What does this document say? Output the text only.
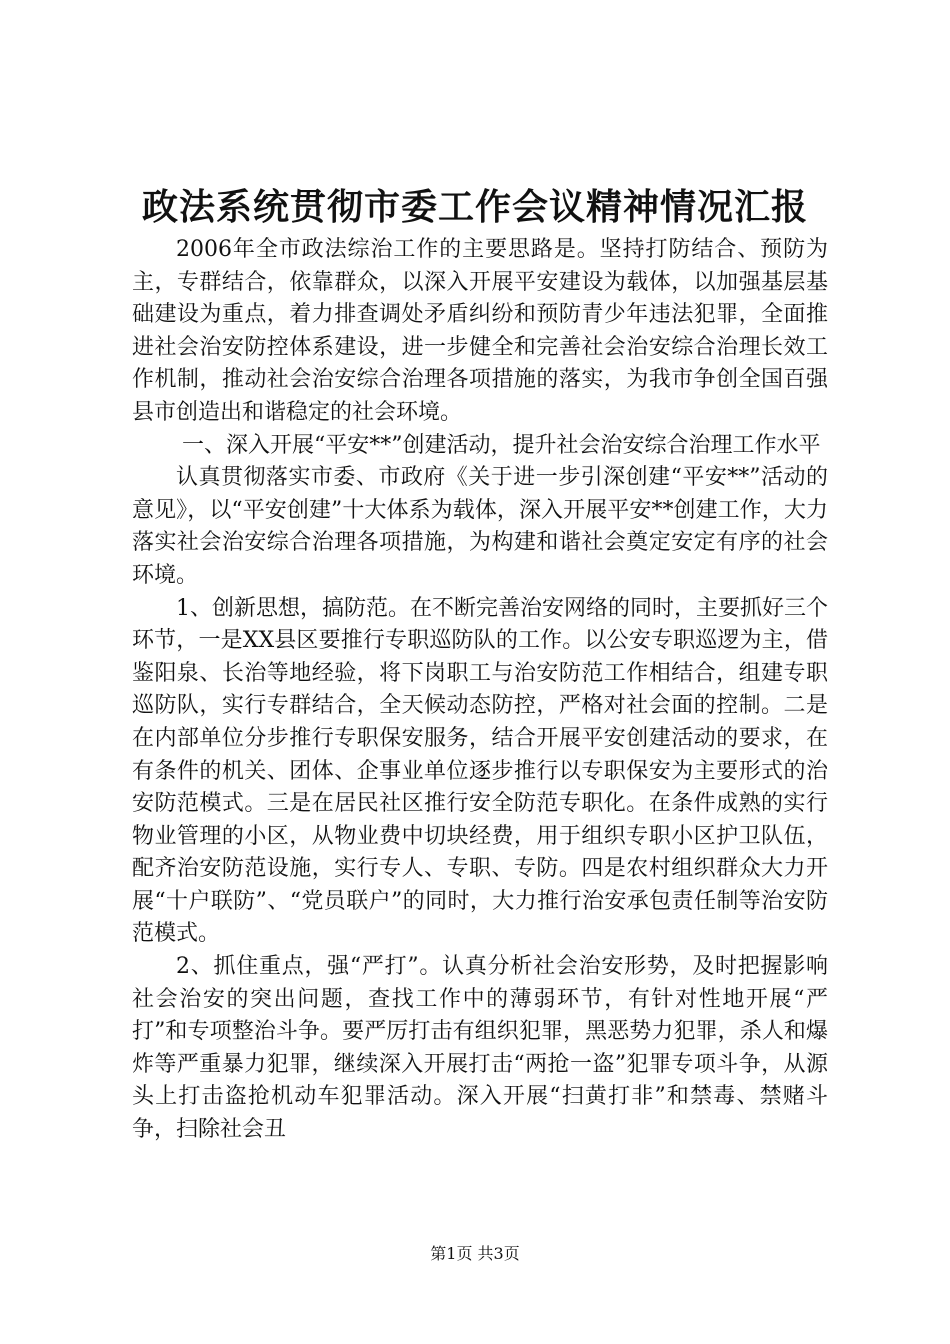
政法系统贯彻市委工作会议精神情况汇报

2006年全市政法综治工作的主要思路是。坚持打防结合、预防为主，专群结合，依靠群众，以深入开展平安建设为载体，以加强基层基础建设为重点，着力排查调处矛盾纠纷和预防青少年违法犯罪，全面推进社会治安防控体系建设，进一步健全和完善社会治安综合治理长效工作机制，推动社会治安综合治理各项措施的落实，为我市争创全国百强县市创造出和谐稳定的社会环境。

一、深入开展“平安**”创建活动，提升社会治安综合治理工作水平

认真贯彻落实市委、市政府《关于进一步引深创建“平安**”活动的意见》，以“平安创建”十大体系为载体，深入开展平安**创建工作，大力落实社会治安综合治理各项措施，为构建和谐社会奠定安定有序的社会环境。

1、创新思想，搞防范。在不断完善治安网络的同时，主要抓好三个环节，一是XX县区要推行专职巡防队的工作。以公安专职巡逻为主，借鉴阳泉、长治等地经验，将下岗职工与治安防范工作相结合，组建专职巡防队，实行专群结合，全天候动态防控，严格对社会面的控制。二是在内部单位分步推行专职保安服务，结合开展平安创建活动的要求，在有条件的机关、团体、企事业单位逐步推行以专职保安为主要形式的治安防范模式。三是在居民社区推行安全防范专职化。在条件成熟的实行物业管理的小区，从物业费中切块经费，用于组织专职小区护卫队伍，配齐治安防范设施，实行专人、专职、专防。四是农村组织群众大力开展“十户联防”、“党员联户”的同时，大力推行治安承包责任制等治安防范模式。

2、抓住重点，强“严打”。认真分析社会治安形势，及时把握影响社会治安的突出问题，查找工作中的薄弱环节，有针对性地开展“严打”和专项整治斗争。要严厉打击有组织犯罪，黑恶势力犯罪，杀人和爆炸等严重暴力犯罪，继续深入开展打击“两抢一盗”犯罪专项斗争，从源头上打击盗抢机动车犯罪活动。深入开展“扫黄打非”和禁毒、禁赌斗争，扫除社会丑

第1页 共3页
